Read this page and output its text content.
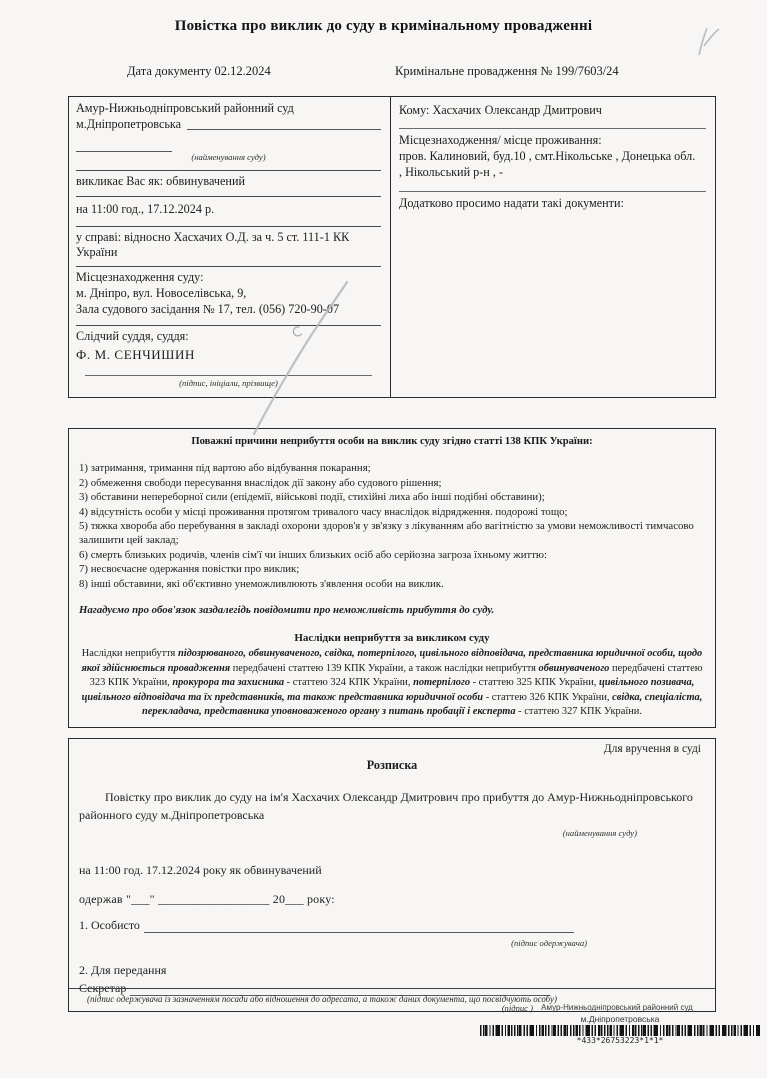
Повістка про виклик до суду в кримінальному провадженні
Дата документу 02.12.2024	Кримінальне провадження № 199/7603/24
Амур-Нижньодніпровський районний суд
м.Дніпропетровська
(найменування суду)
викликає Вас як: обвинувачений
на 11:00 год., 17.12.2024 р.
у справі: відносно Хасхачих О.Д. за ч. 5 ст. 111-1 КК України
Місцезнаходження суду:
м. Дніпро, вул. Новоселівська, 9,
Зала судового засідання № 17, тел. (056) 720-90-07
Слідчий суддя, суддя:
Ф. М. СЕНЧИШИН
(підпис, ініціали, прізвище)
Кому: Хасхачих Олександр Дмитрович
Місцезнаходження/ місце проживання:
пров. Калиновий, буд.10 , смт.Нікольське , Донецька обл.
, Нікольський р-н , -
Додатково просимо надати такі документи:
Поважні причини неприбуття особи на виклик суду згідно статті 138 КПК України:
1) затримання, тримання під вартою або відбування покарання;
2) обмеження свободи пересування внаслідок дії закону або судового рішення;
3) обставини непереборної сили (епідемії, військові події, стихійні лиха або інші подібні обставини);
4) відсутність особи у місці проживання протягом тривалого часу внаслідок відрядження. подорожі тощо;
5) тяжка хвороба або перебування в закладі охорони здоров'я у зв'язку з лікуванням або вагітністю за умови неможливості тимчасово залишити цей заклад;
6) смерть близьких родичів, членів сім'ї чи інших близьких осіб або серйозна загроза їхньому життю:
7) несвоєчасне одержання повістки про виклик;
8) інші обставини, які об'єктивно унеможливлюють з'явлення особи на виклик.
Нагадуємо про обов'язок заздалегідь повідомити про неможливість прибуття до суду.
Наслідки неприбуття за викликом суду
Наслідки неприбуття підозрюваного, обвинуваченого, свідка, потерпілого, цивільного відповідача, представника юридичної особи, щодо якої здійснюється провадження передбачені статтею 139 КПК України, а також наслідки неприбуття обвинуваченого передбачені статтею 323 КПК України, прокурора та захисника - статтею 324 КПК України, потерпілого - статтею 325 КПК України, цивільного позивача, цивільного відповідача та їх представників, та також представника юридичної особи - статтею 326 КПК України, свідка, спеціаліста, перекладача, представника уповноваженого органу з питань пробації і експерта - статтею 327 КПК України.
Для вручення в суді
Розписка
Повістку про виклик до суду на ім'я Хасхачих Олександр Дмитрович про прибуття до Амур-Нижньодніпровського районного суду м.Дніпропетровська
(найменування суду)
на 11:00 год. 17.12.2024 року як обвинувачений
одержав "___" __________________ 20___ року:
1. Особисто
(підпис одержувача)
2. Для передання
Секретар
(підпис )
(підпис одержувача із зазначенням посади або відношення до адресата, а також даних документа, що посвідчують особу)
Амур-Нижньодніпровський районний суд
м.Дніпропетровська
*433*26753223*1*1*
